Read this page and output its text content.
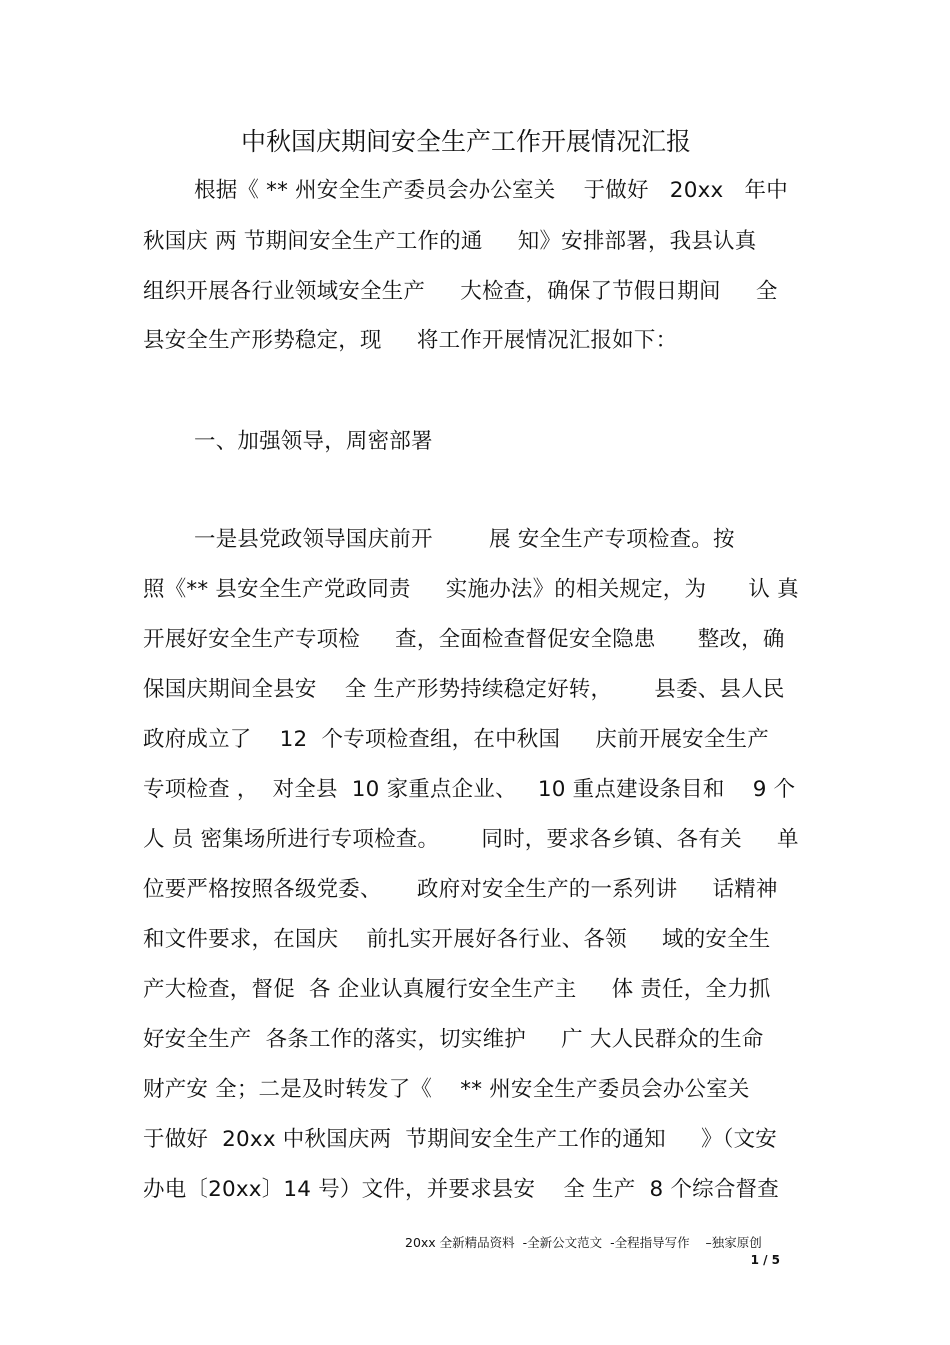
中秋国庆期间安全生产工作开展情况汇报
根据《 ** 州安全生产委员会办公室关    于做好   20xx   年中
秋国庆 两 节期间安全生产工作的通     知》安排部署，我县认真
组织开展各行业领域安全生产     大检查，确保了节假日期间     全
县安全生产形势稳定，现     将工作开展情况汇报如下：
一、加强领导，周密部署
一是县党政领导国庆前开        展 安全生产专项检查。按
照《** 县安全生产党政同责     实施办法》的相关规定，为      认 真
开展好安全生产专项检     查，全面检查督促安全隐患      整改，确
保国庆期间全县安    全 生产形势持续稳定好转，      县委、县人民
政府成立了    12  个专项检查组，在中秋国     庆前开展安全生产
专项检查 ，  对全县  10 家重点企业、   10 重点建设条目和    9 个
人 员 密集场所进行专项检查。      同时，要求各乡镇、各有关     单
位要严格按照各级党委、     政府对安全生产的一系列讲     话精神
和文件要求，在国庆    前扎实开展好各行业、各领     域的安全生
产大检查，督促  各 企业认真履行安全生产主     体 责任，全力抓
好安全生产  各条工作的落实，切实维护     广 大人民群众的生命
财产安 全；二是及时转发了《    ** 州安全生产委员会办公室关
于做好  20xx 中秋国庆两  节期间安全生产工作的通知     》（文安
办电〔20xx〕14 号）文件，并要求县安    全 生产  8 个综合督查
20xx 全新精品资料  -全新公文范文  -全程指导写作    –独家原创
1 / 5
